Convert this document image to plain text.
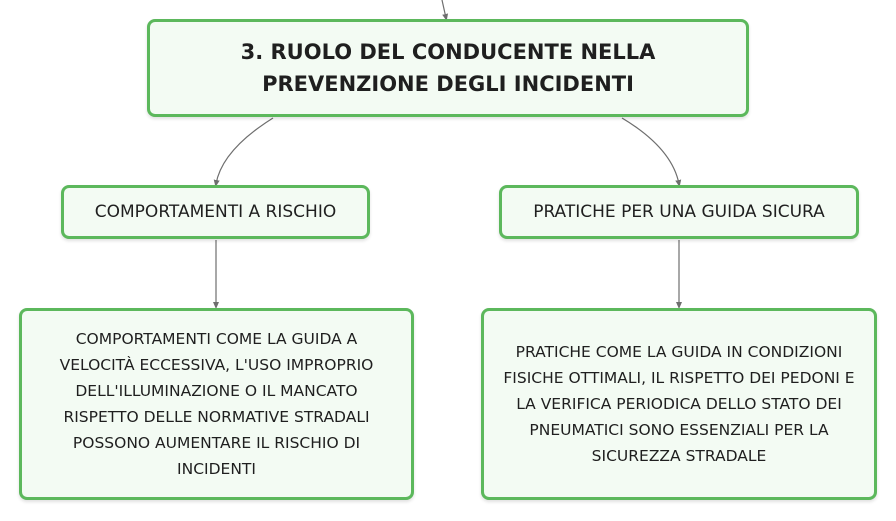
3. RUOLO DEL CONDUCENTE NELLA PREVENZIONE DEGLI INCIDENTI
COMPORTAMENTI A RISCHIO	PRATICHE PER UNA GUIDA SICURA
COMPORTAMENTI COME LA GUIDA A VELOCITÀ ECCESSIVA, L'USO IMPROPRIO DELL'ILLUMINAZIONE O IL MANCATO RISPETTO DELLE NORMATIVE STRADALI POSSONO AUMENTARE IL RISCHIO DI INCIDENTI
PRATICHE COME LA GUIDA IN CONDIZIONI FISICHE OTTIMALI, IL RISPETTO DEI PEDONI E LA VERIFICA PERIODICA DELLO STATO DEI PNEUMATICI SONO ESSENZIALI PER LA SICUREZZA STRADALE
